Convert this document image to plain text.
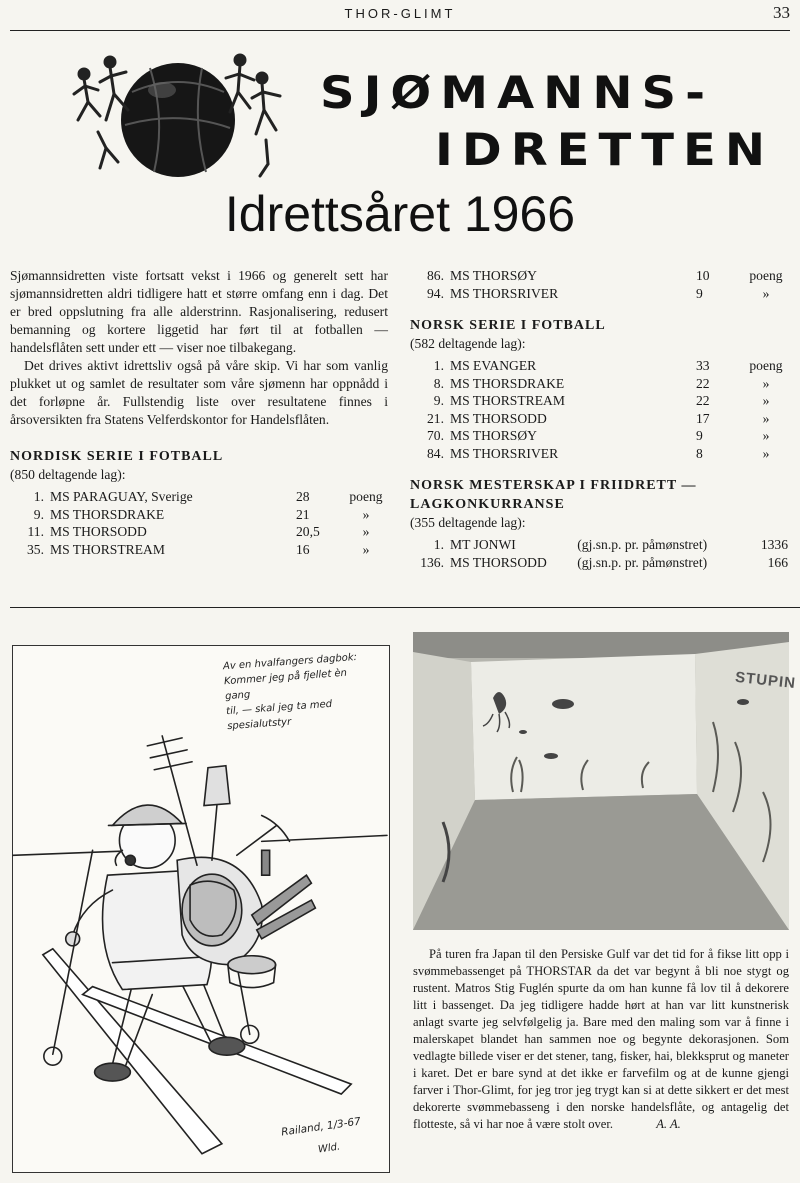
THOR-GLIMT	33
SJØMANNS-
IDRETTEN
Idrettsåret 1966

Sjømannsidretten viste fortsatt vekst i 1966 og generelt sett har sjømannsidretten aldri tidligere hatt et større omfang enn i dag. Det er bred oppslutning fra alle alderstrinn. Rasjonalisering, redusert bemanning og kortere liggetid har ført til at fotballen — handelsflåten sett under ett — viser noe tilbakegang.

Det drives aktivt idrettsliv også på våre skip. Vi har som vanlig plukket ut og samlet de resultater som våre sjømenn har oppnådd i det forløpne år. Fullstendig liste over resultatene finnes i årsoversikten fra Statens Velferdskontor for Handelsflåten.

NORDISK SERIE I FOTBALL

(850 deltagende lag):

1.	MS PARAGUAY, Sverige	28	poeng
9.	MS THORSDRAKE	21	»
11.	MS THORSODD	20,5	»
35.	MS THORSTREAM	16	»
86.	MS THORSØY	10	poeng
94.	MS THORSRIVER	9	»
NORSK SERIE I FOTBALL

(582 deltagende lag):

1.	MS EVANGER	33	poeng
8.	MS THORSDRAKE	22	»
9.	MS THORSTREAM	22	»
21.	MS THORSODD	17	»
70.	MS THORSØY	9	»
84.	MS THORSRIVER	8	»
NORSK MESTERSKAP I FRIIDRETT —
LAGKONKURRANSE

(355 deltagende lag):

1.	MT JONWI	(gj.sn.p. pr. påmønstret)	1336
136.	MS THORSODD	(gj.sn.p. pr. påmønstret)	166
Av en hvalfangers dagbok:
Kommer jeg på fjellet èn gang
til, — skal jeg ta med
spesialutstyr
Railand, 1/3-67
Wld.
STUPIN

På turen fra Japan til den Persiske Gulf var det tid for å fikse litt opp i svømmebassenget på THORSTAR da det var begynt å bli noe stygt og rustent. Matros Stig Fuglén spurte da om han kunne få lov til å dekorere litt i bassenget. Da jeg tidligere hadde hørt at han var litt kunstnerisk anlagt svarte jeg selvfølgelig ja. Bare med den maling som var å finne i malerskapet blandet han sammen noe og begynte dekorasjonen. Som vedlagte billede viser er det stener, tang, fisker, hai, blekksprut og maneter i karet. Det er bare synd at det ikke er farvefilm og at de kunne gjengi farver i Thor-Glimt, for jeg tror jeg trygt kan si at dette sikkert er det mest dekorerte svømmebasseng i den norske handelsflåte, og antagelig det flotteste, så vi har noe å være stolt over.	A. A.
